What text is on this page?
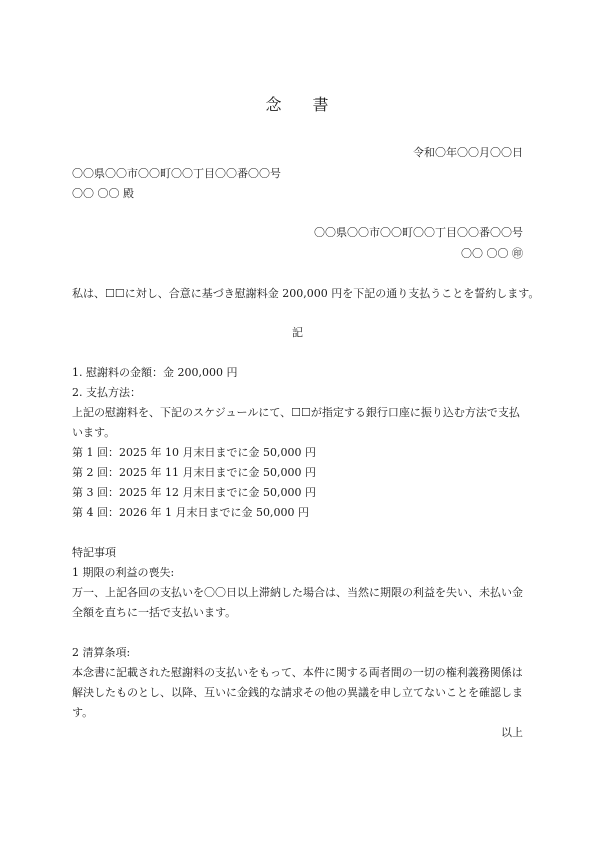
念 書
令和〇年〇〇月〇〇日
〇〇県〇〇市〇〇町〇〇丁目〇〇番〇〇号
〇〇 〇〇 殿
〇〇県〇〇市〇〇町〇〇丁目〇〇番〇〇号
〇〇 〇〇 ㊞
私は、☐☐に対し、合意に基づき慰謝料金 200,000 円を下記の通り支払うことを誓約します。
記
1. 慰謝料の金額：金 200,000 円
2. 支払方法：
上記の慰謝料を、下記のスケジュールにて、☐☐が指定する銀行口座に振り込む方法で支払
います。
第 1 回：2025 年 10 月末日までに金 50,000 円
第 2 回：2025 年 11 月末日までに金 50,000 円
第 3 回：2025 年 12 月末日までに金 50,000 円
第 4 回：2026 年 1 月末日までに金 50,000 円
特記事項
1 期限の利益の喪失:
万一、上記各回の支払いを〇〇日以上滞納した場合は、当然に期限の利益を失い、未払い金
全額を直ちに一括で支払います。
2 清算条項:
本念書に記載された慰謝料の支払いをもって、本件に関する両者間の一切の権利義務関係は
解決したものとし、以降、互いに金銭的な請求その他の異議を申し立てないことを確認しま
す。
以上
